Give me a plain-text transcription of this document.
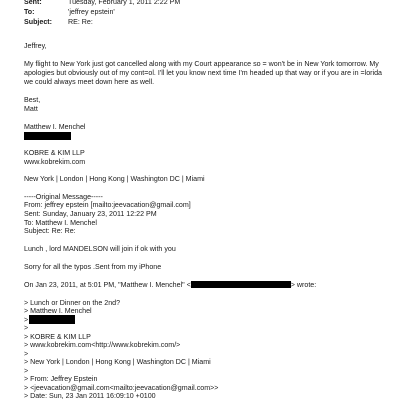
Sent:	Tuesday, February 1, 2011 2:22 PM
To:	'jeffrey epstein'
Subject: RE: Re:
Jeffrey,
My flight to New York just got cancelled along with my Court appearance so = won't be in New York tomorrow. My apologies but obviously out of my cont=ol. I'll let you know next time I'm headed up that way or if you are in =lorida we could always meet down here as well.
Best,
Matt
Matthew I. Menchel
KOBRE & KIM LLP
www.kobrekim.com
New York | London | Hong Kong | Washington DC | Miami
-----Original Message-----
From: jeffrey epstein [mailto:jeevacation@gmail.com]
Sent: Sunday, January 23, 2011 12:22 PM
To: Matthew I. Menchel
Subject: Re: Re:
Lunch , lord MANDELSON will join if ok with you
Sorry for all the typos .Sent from my iPhone
On Jan 23, 2011, at 5:01 PM, "Matthew I. Menchel" <	> wrote:
> Lunch or Dinner on the 2nd?
> Matthew I. Menchel
>
>
> KOBRE & KIM LLP
> www.kobrekim.com<http://www.kobrekim.com/>
>
> New York | London | Hong Kong | Washington DC | Miami
>
> From: Jeffrey Epstein
> <jeevacation@gmail.com<mailto:jeevacation@gmail.com>>
> Date: Sun, 23 Jan 2011 16:09:10 +0100
